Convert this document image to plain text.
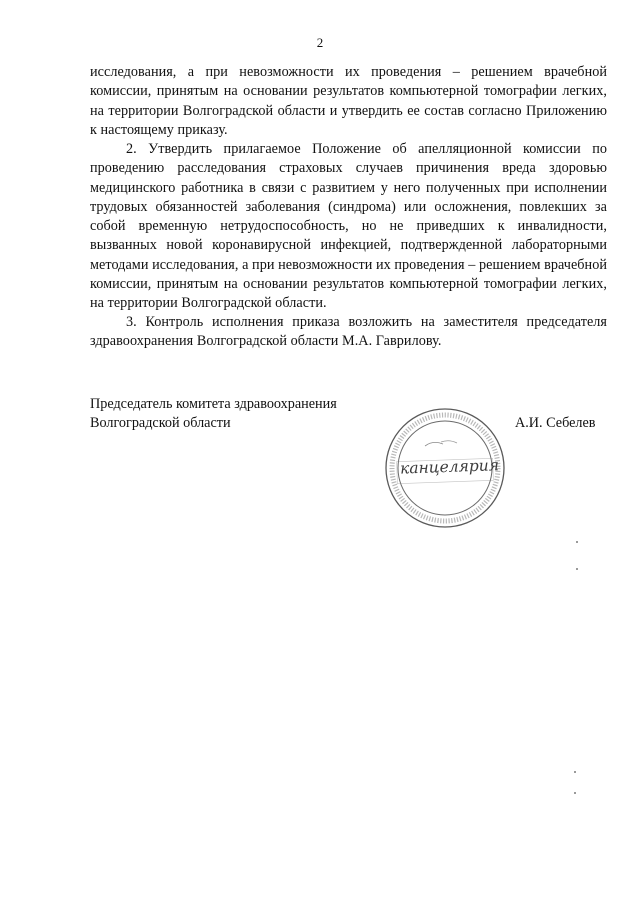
2

исследования, а при невозможности их проведения – решением врачебной комиссии, принятым на основании результатов компьютерной томографии легких, на территории Волгоградской области и утвердить ее состав согласно Приложению к настоящему приказу.

2. Утвердить прилагаемое Положение об апелляционной комиссии по проведению расследования страховых случаев причинения вреда здоровью медицинского работника в связи с развитием у него полученных при исполнении трудовых обязанностей заболевания (синдрома) или осложнения, повлекших за собой временную нетрудоспособность, но не приведших к инвалидности, вызванных новой коронавирусной инфекцией, подтвержденной лабораторными методами исследования, а при невозможности их проведения – решением врачебной комиссии, принятым на основании результатов компьютерной томографии легких, на территории Волгоградской области.

3. Контроль исполнения приказа возложить на заместителя председателя здравоохранения Волгоградской области М.А. Гаврилову.

Председатель комитета здравоохранения
Волгоградской области	А.И. Себелев
канцелярия
